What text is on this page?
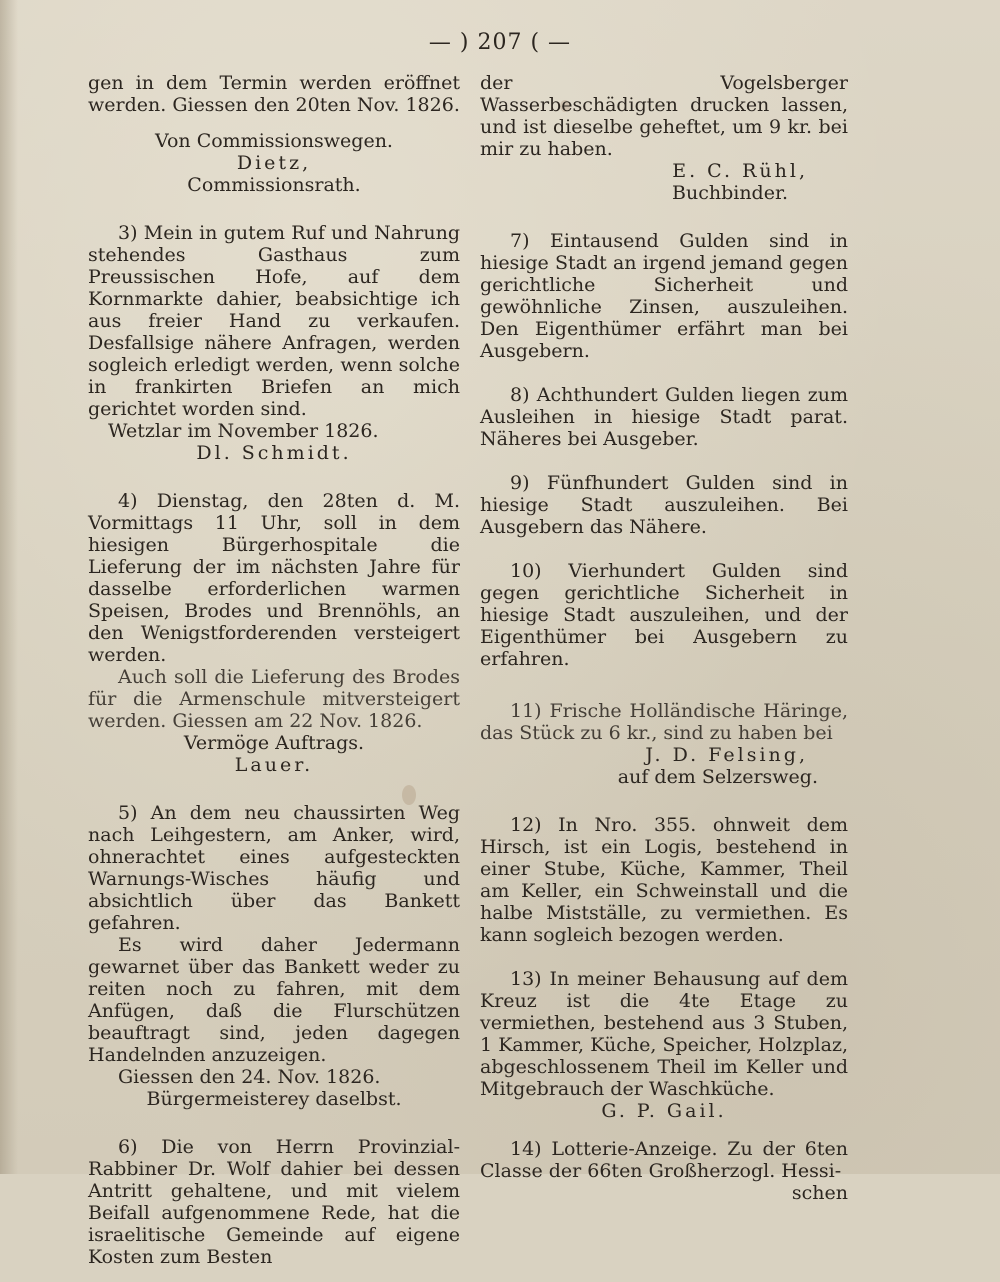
— ) 207 ( —

gen in dem Termin werden eröffnet werden. Giessen den 20ten Nov. 1826.

Von Commissionswegen.

Dietz,

Commissionsrath.

3) Mein in gutem Ruf und Nahrung stehendes Gasthaus zum Preussischen Hofe, auf dem Kornmarkte dahier, beabsichtige ich aus freier Hand zu verkaufen. Desfallsige nähere Anfragen, werden sogleich erledigt werden, wenn solche in frankirten Briefen an mich gerichtet worden sind.

Wetzlar im November 1826.

Dl. Schmidt.

4) Dienstag, den 28ten d. M. Vormittags 11 Uhr, soll in dem hiesigen Bürgerhospitale die Lieferung der im nächsten Jahre für dasselbe erforderlichen warmen Speisen, Brodes und Brennöhls, an den Wenigstforderenden versteigert werden.

Auch soll die Lieferung des Brodes für die Armenschule mitversteigert werden. Giessen am 22 Nov. 1826.

Vermöge Auftrags.

Lauer.

5) An dem neu chaussirten Weg nach Leihgestern, am Anker, wird, ohnerachtet eines aufgesteckten Warnungs-Wisches häufig und absichtlich über das Bankett gefahren.

Es wird daher Jedermann gewarnet über das Bankett weder zu reiten noch zu fahren, mit dem Anfügen, daß die Flurschützen beauftragt sind, jeden dagegen Handelnden anzuzeigen.

Giessen den 24. Nov. 1826.

Bürgermeisterey daselbst.

6) Die von Herrn Provinzial-Rabbiner Dr. Wolf dahier bei dessen Antritt gehaltene, und mit vielem Beifall aufgenommene Rede, hat die israelitische Gemeinde auf eigene Kosten zum Besten

der Vogelsberger Wasserbeschädigten drucken lassen, und ist dieselbe geheftet, um 9 kr. bei mir zu haben.

E. C. Rühl,

Buchbinder.

7) Eintausend Gulden sind in hiesige Stadt an irgend jemand gegen gerichtliche Sicherheit und gewöhnliche Zinsen, auszuleihen. Den Eigenthümer erfährt man bei Ausgebern.

8) Achthundert Gulden liegen zum Ausleihen in hiesige Stadt parat. Näheres bei Ausgeber.

9) Fünfhundert Gulden sind in hiesige Stadt auszuleihen. Bei Ausgebern das Nähere.

10) Vierhundert Gulden sind gegen gerichtliche Sicherheit in hiesige Stadt auszuleihen, und der Eigenthümer bei Ausgebern zu erfahren.

11) Frische Holländische Häringe, das Stück zu 6 kr., sind zu haben bei

J. D. Felsing,

auf dem Selzersweg.

12) In Nro. 355. ohnweit dem Hirsch, ist ein Logis, bestehend in einer Stube, Küche, Kammer, Theil am Keller, ein Schweinstall und die halbe Mistställe, zu vermiethen. Es kann sogleich bezogen werden.

13) In meiner Behausung auf dem Kreuz ist die 4te Etage zu vermiethen, bestehend aus 3 Stuben, 1 Kammer, Küche, Speicher, Holzplaz, abgeschlossenem Theil im Keller und Mitgebrauch der Waschküche.

G. P. Gail.

14) Lotterie-Anzeige. Zu der 6ten Classe der 66ten Großherzogl. Hessi-

schen
